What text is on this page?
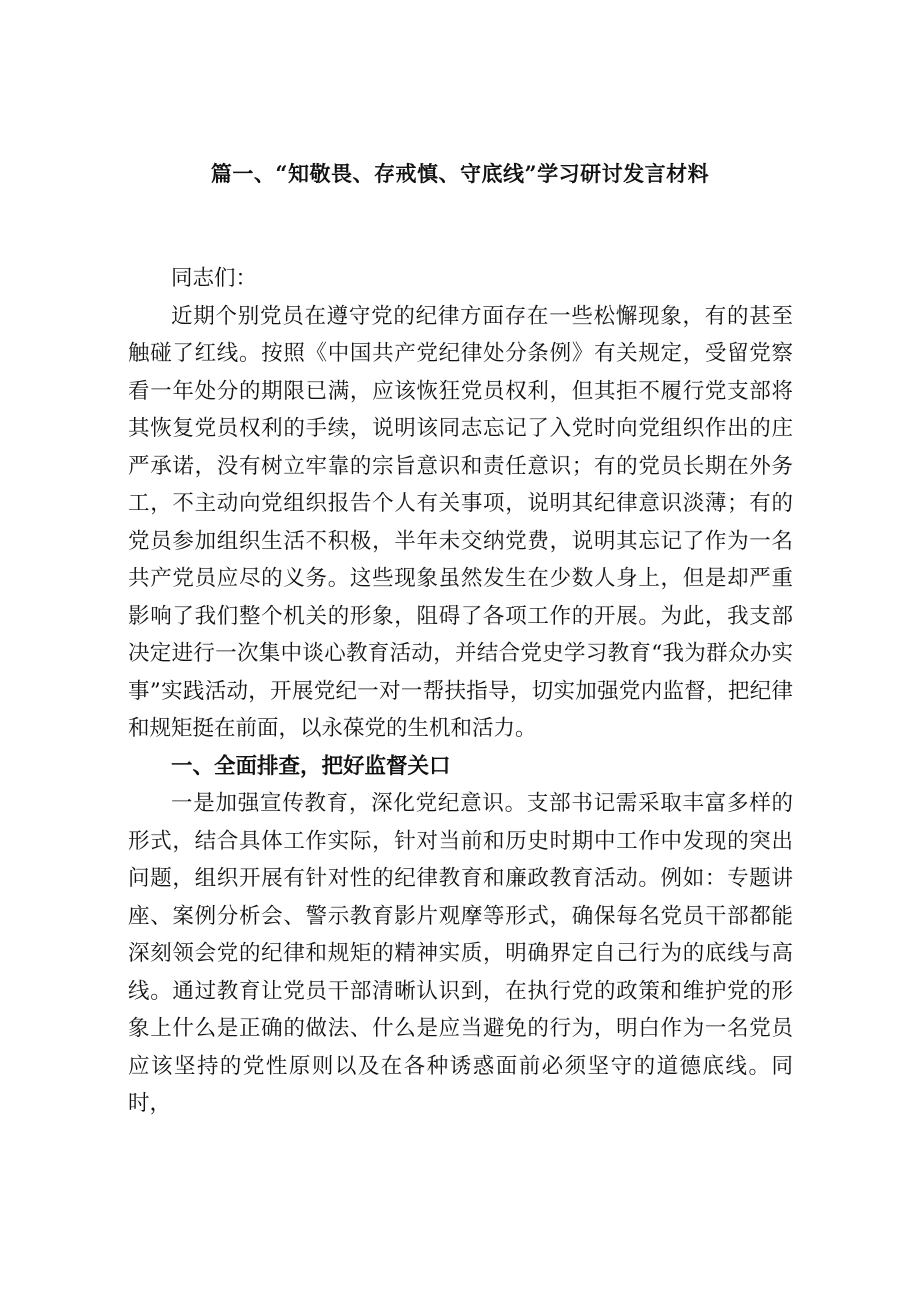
篇一、“知敬畏、存戒慎、守底线”学习研讨发言材料

同志们：

近期个别党员在遵守党的纪律方面存在一些松懈现象，有的甚至触碰了红线。按照《中国共产党纪律处分条例》有关规定，受留党察看一年处分的期限已满，应该恢狂党员权利，但其拒不履行党支部将其恢复党员权利的手续，说明该同志忘记了入党时向党组织作出的庄严承诺，没有树立牢靠的宗旨意识和责任意识；有的党员长期在外务工，不主动向党组织报告个人有关事项，说明其纪律意识淡薄；有的党员参加组织生活不积极，半年未交纳党费，说明其忘记了作为一名共产党员应尽的义务。这些现象虽然发生在少数人身上，但是却严重影响了我们整个机关的形象，阻碍了各项工作的开展。为此，我支部决定进行一次集中谈心教育活动，并结合党史学习教育“我为群众办实事”实践活动，开展党纪一对一帮扶指导，切实加强党内监督，把纪律和规矩挺在前面，以永葆党的生机和活力。

一、全面排查，把好监督关口

一是加强宣传教育，深化党纪意识。支部书记需采取丰富多样的形式，结合具体工作实际，针对当前和历史时期中工作中发现的突出问题，组织开展有针对性的纪律教育和廉政教育活动。例如：专题讲座、案例分析会、警示教育影片观摩等形式，确保每名党员干部都能深刻领会党的纪律和规矩的精神实质，明确界定自己行为的底线与高线。通过教育让党员干部清晰认识到，在执行党的政策和维护党的形象上什么是正确的做法、什么是应当避免的行为，明白作为一名党员应该坚持的党性原则以及在各种诱惑面前必须坚守的道德底线。同时，
